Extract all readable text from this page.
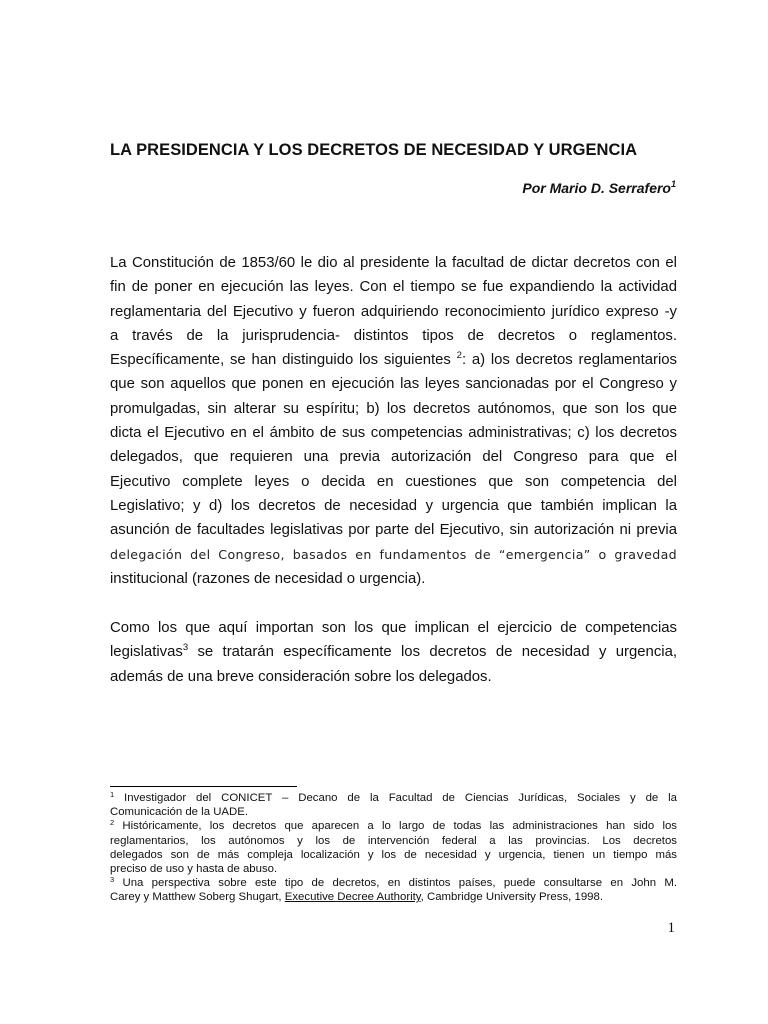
LA PRESIDENCIA Y LOS DECRETOS DE NECESIDAD Y URGENCIA
Por Mario D. Serrafero$^1$
La Constitución de 1853/60 le dio al presidente la facultad de dictar decretos con el
fin de poner en ejecución las leyes. Con el tiempo se fue expandiendo la actividad
reglamentaria del Ejecutivo y fueron adquiriendo reconocimiento jurídico expreso -y
a través de la jurisprudencia- distintos tipos de decretos o reglamentos.
Específicamente, se han distinguido los siguientes $^2$: a) los decretos reglamentarios
que son aquellos que ponen en ejecución las leyes sancionadas por el Congreso y
promulgadas, sin alterar su espíritu; b) los decretos autónomos, que son los que
dicta el Ejecutivo en el ámbito de sus competencias administrativas; c) los decretos
delegados, que requieren una previa autorización del Congreso para que el
Ejecutivo complete leyes o decida en cuestiones que son competencia del
Legislativo; y d) los decretos de necesidad y urgencia que también implican la
asunción de facultades legislativas por parte del Ejecutivo, sin autorización ni previa
delegación del Congreso, basados en fundamentos de “emergencia” o gravedad
institucional (razones de necesidad o urgencia).
Como los que aquí importan son los que implican el ejercicio de competencias
legislativas$^3$ se tratarán específicamente los decretos de necesidad y urgencia,
además de una breve consideración sobre los delegados.
$^1$ Investigador del CONICET – Decano de la Facultad de Ciencias Jurídicas, Sociales y de la
Comunicación de la UADE.
$^2$ Históricamente, los decretos que aparecen a lo largo de todas las administraciones han sido los
reglamentarios, los autónomos y los de intervención federal a las provincias. Los decretos
delegados son de más compleja localización y los de necesidad y urgencia, tienen un tiempo más
preciso de uso y hasta de abuso.
$^3$ Una perspectiva sobre este tipo de decretos, en distintos países, puede consultarse en John M.
Carey y Matthew Soberg Shugart, Executive Decree Authority, Cambridge University Press, 1998.
1
